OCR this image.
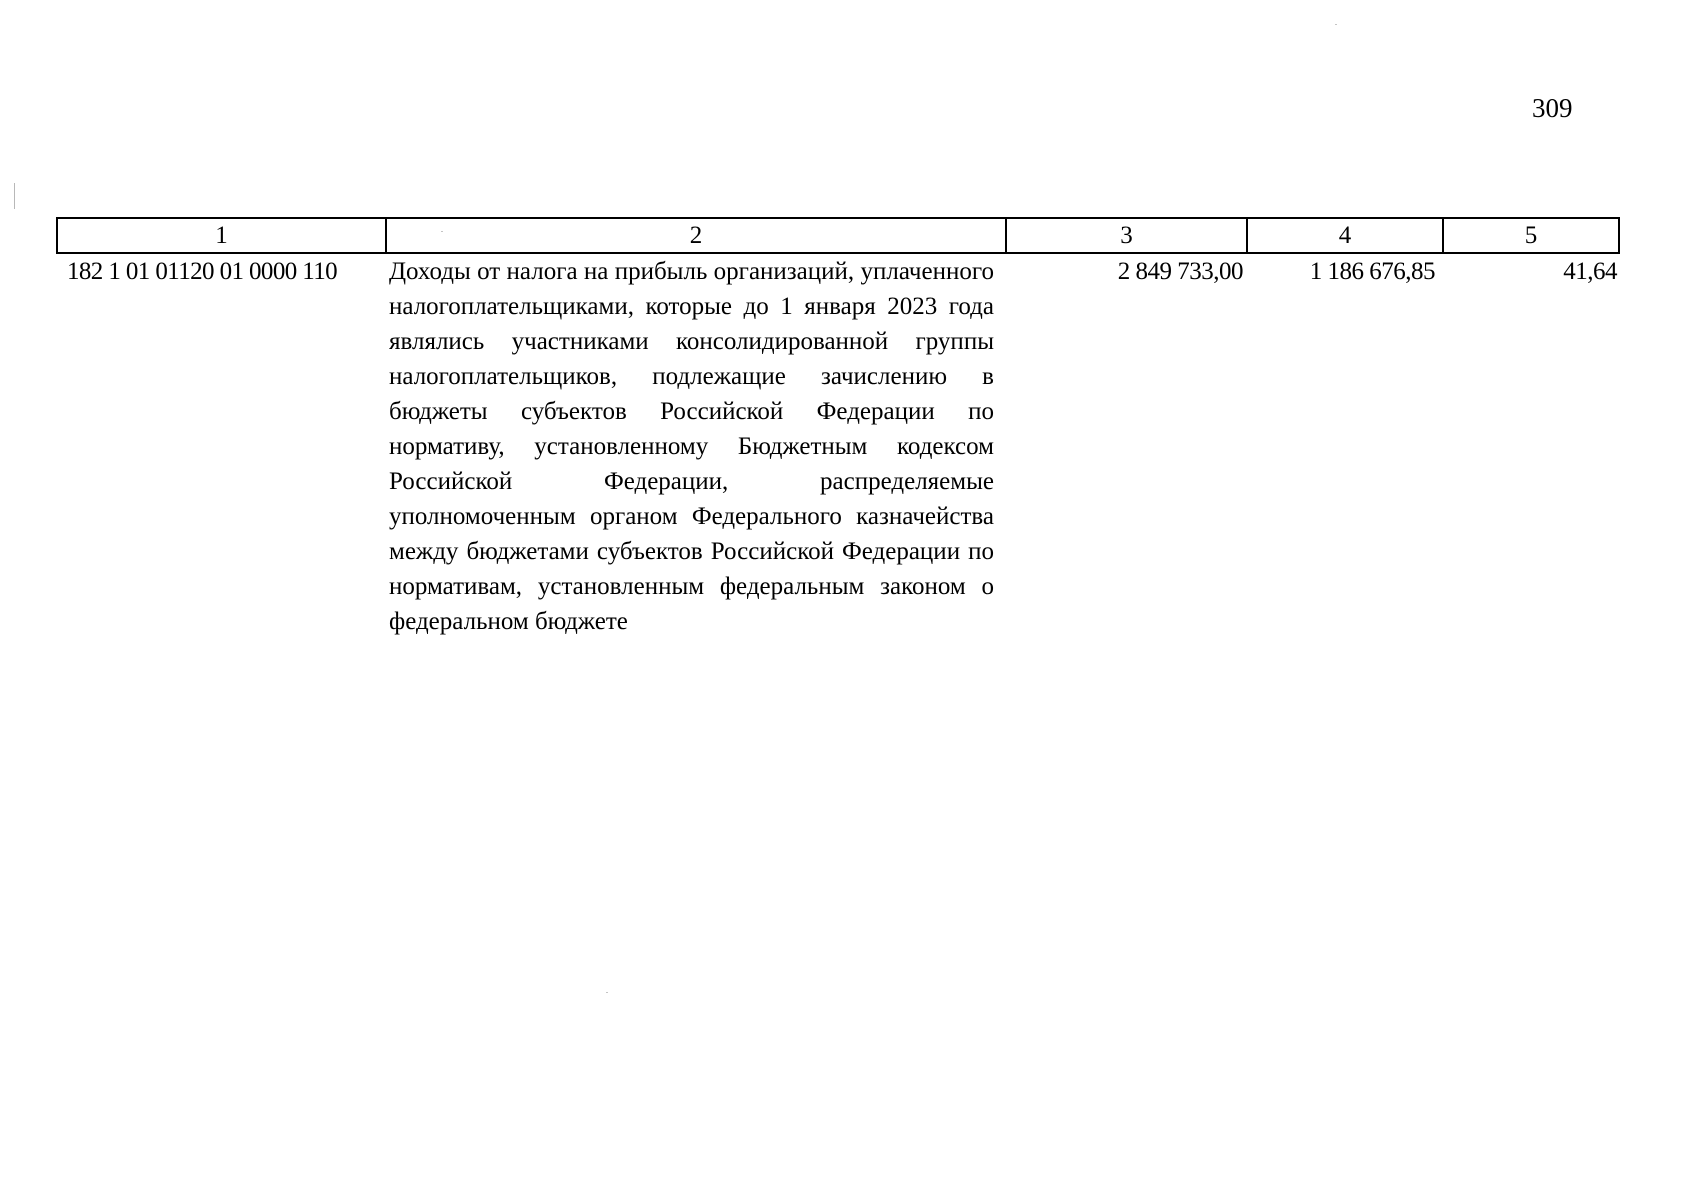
309
1	2	3	4	5
182 1 01 01120 01 0000 110	Доходы от налога на прибыль организаций, уплаченного налогоплательщиками, которые до 1 января 2023 года являлись участниками консолидированной группы налогоплательщиков, подлежащие зачислению в бюджеты субъектов Российской Федерации по нормативу, установленному Бюджетным кодексом Российской Федерации, распределяемые уполномоченным органом Федерального казначейства между бюджетами субъектов Российской Федерации по нормативам, установленным федеральным законом о федеральном бюджете	2 849 733,00	1 186 676,85	41,64
